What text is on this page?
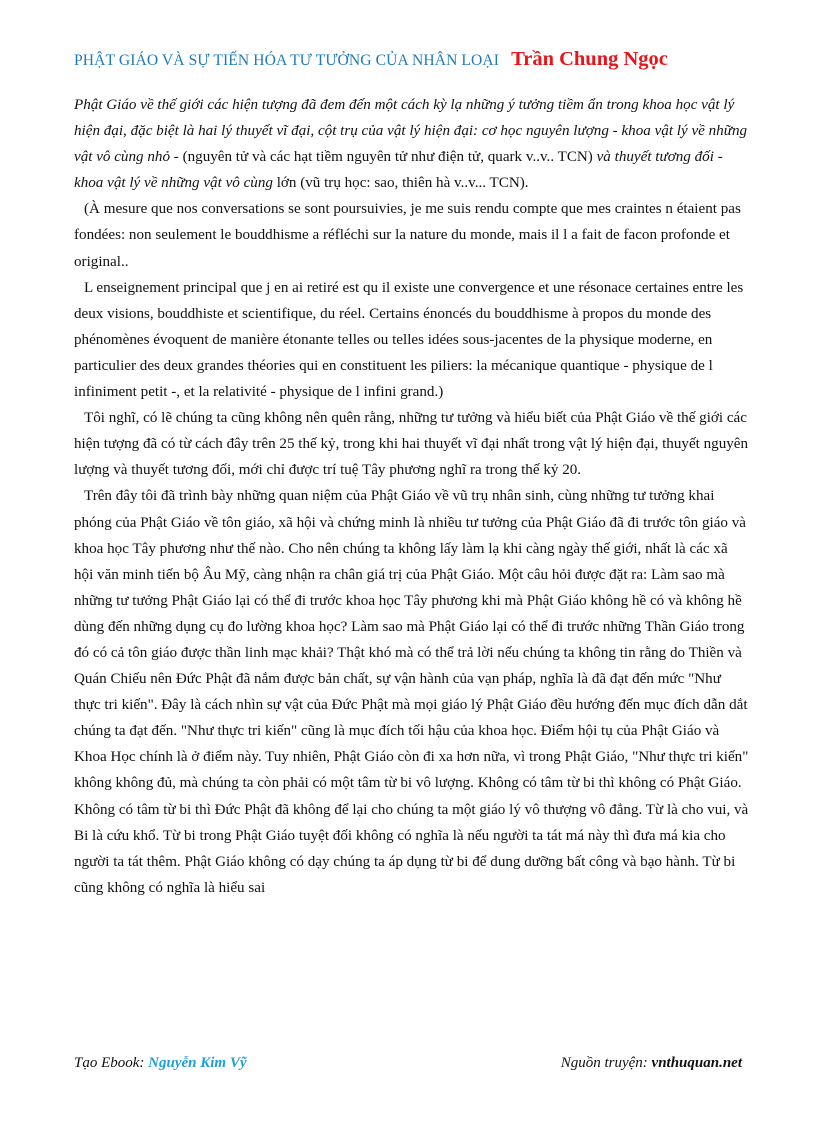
PHẬT GIÁO VÀ SỰ TIẾN HÓA TƯ TƯỞNG CỦA NHÂN LOẠI Trần Chung Ngọc

Phật Giáo về thế giới các hiện tượng đã đem đến một cách kỳ lạ những ý tưởng tiềm ẩn trong khoa học vật lý hiện đại, đặc biệt là hai lý thuyết vĩ đại, cột trụ của vật lý hiện đại: cơ học nguyên lượng - khoa vật lý về những vật vô cùng nhỏ - (nguyên tử và các hạt tiềm nguyên tử như điện tử, quark v..v.. TCN) và thuyết tương đối - khoa vật lý về những vật vô cùng lớn (vũ trụ học: sao, thiên hà v..v... TCN).

(À mesure que nos conversations se sont poursuivies, je me suis rendu compte que mes craintes n étaient pas fondées: non seulement le bouddhisme a réfléchi sur la nature du monde, mais il l a fait de facon profonde et original..

L enseignement principal que j en ai retiré est qu il existe une convergence et une résonace certaines entre les deux visions, bouddhiste et scientifique, du réel. Certains énoncés du bouddhisme à propos du monde des phénomènes évoquent de manière étonante telles ou telles idées sous-jacentes de la physique moderne, en particulier des deux grandes théories qui en constituent les piliers: la mécanique quantique - physique de l infiniment petit -, et la relativité - physique de l infini grand.)

Tôi nghĩ, có lẽ chúng ta cũng không nên quên rằng, những tư tưởng và hiểu biết của Phật Giáo về thế giới các hiện tượng đã có từ cách đây trên 25 thế kỷ, trong khi hai thuyết vĩ đại nhất trong vật lý hiện đại, thuyết nguyên lượng và thuyết tương đối, mới chỉ được trí tuệ Tây phương nghĩ ra trong thế kỷ 20.

Trên đây tôi đã trình bày những quan niệm của Phật Giáo về vũ trụ nhân sinh, cùng những tư tưởng khai phóng của Phật Giáo về tôn giáo, xã hội và chứng minh là nhiều tư tưởng của Phật Giáo đã đi trước tôn giáo và khoa học Tây phương như thế nào. Cho nên chúng ta không lấy làm lạ khi càng ngày thế giới, nhất là các xã hội văn minh tiến bộ Âu Mỹ, càng nhận ra chân giá trị của Phật Giáo. Một câu hỏi được đặt ra: Làm sao mà những tư tưởng Phật Giáo lại có thể đi trước khoa học Tây phương khi mà Phật Giáo không hề có và không hề dùng đến những dụng cụ đo lường khoa học? Làm sao mà Phật Giáo lại có thể đi trước những Thần Giáo trong đó có cả tôn giáo được thần linh mạc khải? Thật khó mà có thể trả lời nếu chúng ta không tin rằng do Thiền và Quán Chiếu nên Đức Phật đã nắm được bản chất, sự vận hành của vạn pháp, nghĩa là đã đạt đến mức "Như thực tri kiến". Đây là cách nhìn sự vật của Đức Phật mà mọi giáo lý Phật Giáo đều hướng đến mục đích dẫn dắt chúng ta đạt đến. "Như thực tri kiến" cũng là mục đích tối hậu của khoa học. Điểm hội tụ của Phật Giáo và Khoa Học chính là ở điểm này. Tuy nhiên, Phật Giáo còn đi xa hơn nữa, vì trong Phật Giáo, "Như thực tri kiến" không không đủ, mà chúng ta còn phải có một tâm từ bi vô lượng. Không có tâm từ bi thì không có Phật Giáo. Không có tâm từ bi thì Đức Phật đã không để lại cho chúng ta một giáo lý vô thượng vô đẳng. Từ là cho vui, và Bi là cứu khổ. Từ bi trong Phật Giáo tuyệt đối không có nghĩa là nếu người ta tát má này thì đưa má kia cho người ta tát thêm. Phật Giáo không có dạy chúng ta áp dụng từ bi để dung dưỡng bất công và bạo hành. Từ bi cũng không có nghĩa là hiểu sai

Tạo Ebook: Nguyễn Kim Vỹ	Nguồn truyện: vnthuquan.net
